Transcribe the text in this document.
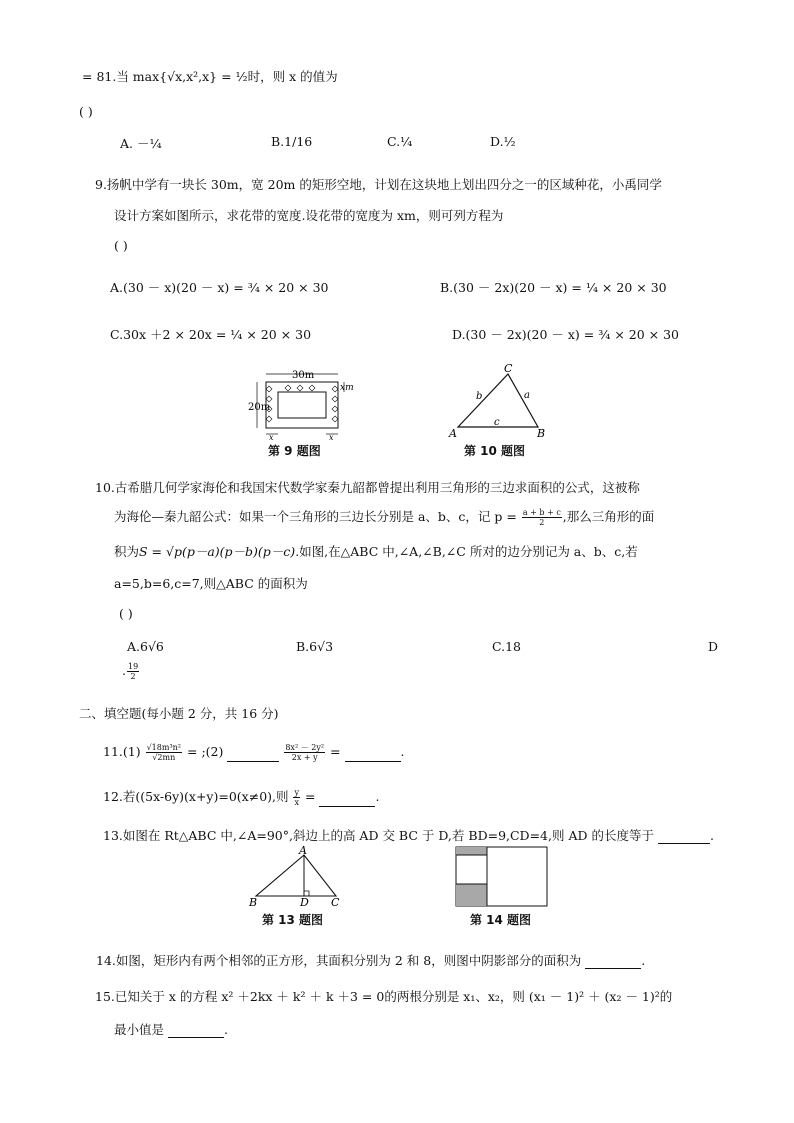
= 81.当 max{√x,x²,x} = ½时，则 x 的值为
( )
A. －¼	B.1/16	C.¼	D.½
9.扬帆中学有一块长 30m，宽 20m 的矩形空地，计划在这块地上划出四分之一的区域种花，小禹同学
设计方案如图所示，求花带的宽度.设花带的宽度为 xm，则可列方程为
( )
A.(30 － x)(20 － x) = ¾ × 20 × 30	B.(30 － 2x)(20 － x) = ¼ × 20 × 30
C.30x ＋2 × 20x = ¼ × 20 × 30	D.(30 － 2x)(20 － x) = ¾ × 20 × 30
30m
20m
xm
x	x
第 9 题图
A	B
C
a
b
c
第 10 题图
10.古希腊几何学家海伦和我国宋代数学家秦九韶都曾提出利用三角形的三边求面积的公式，这被称
为海伦—秦九韶公式：如果一个三角形的三边长分别是 a、b、c，记 $p = \frac{a + b + c}{2}$ ,那么三角形的面
积为S = √p(p－a)(p－b)(p－c).如图,在△ABC 中,∠A,∠B,∠C 所对的边分别记为 a、b、c,若
a=5,b=6,c=7,则△ABC 的面积为
( )
A.6√6	B.6√3	C.18	D
. $\frac{19}{2}$
二、填空题(每小题 2 分，共 16 分)
$11.(1) \frac{\text{√18m³n²}}{√2mn}$ = ;(2)	$\frac{\text{8x² － 2y²}}{2x + y}$ =	.
12.若((5x-6y)(x+y)=0(x≠0),则 $\frac{y}{x}$ =	.
13.如图在 Rt△ABC 中,∠A=90°,斜边上的高 AD 交 BC 于 D,若 BD=9,CD=4,则 AD 的长度等于	.
A
B	C
D
第 13 题图	第 14 题图
14.如图，矩形内有两个相邻的正方形，其面积分别为 2 和 8，则图中阴影部分的面积为	.
15.已知关于 x 的方程 x² ＋2kx ＋ k² ＋ k ＋3 = 0的两根分别是 x₁、x₂，则 (x₁ － 1)² ＋ (x₂ － 1)²的
最小值是	.
